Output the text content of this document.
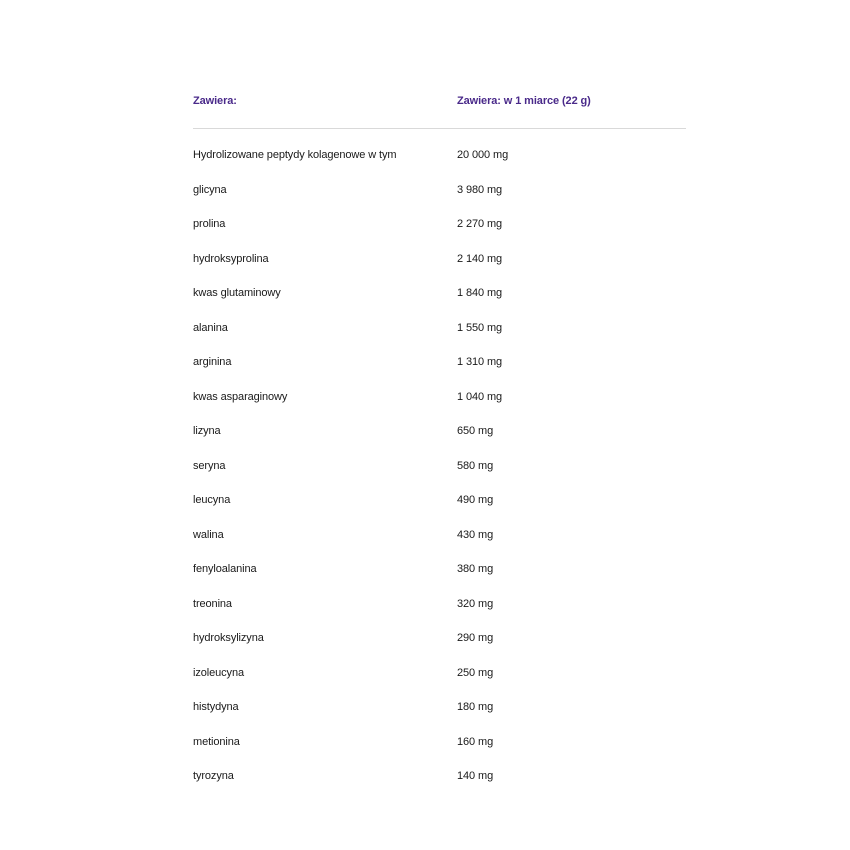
Zawiera:	Zawiera: w 1 miarce (22 g)
Hydrolizowane peptydy kolagenowe w tym	20 000 mg
glicyna	3 980 mg
prolina	2 270 mg
hydroksyprolina	2 140 mg
kwas glutaminowy	1 840 mg
alanina	1 550 mg
arginina	1 310 mg
kwas asparaginowy	1 040 mg
lizyna	650 mg
seryna	580 mg
leucyna	490 mg
walina	430 mg
fenyloalanina	380 mg
treonina	320 mg
hydroksylizyna	290 mg
izoleucyna	250 mg
histydyna	180 mg
metionina	160 mg
tyrozyna	140 mg
